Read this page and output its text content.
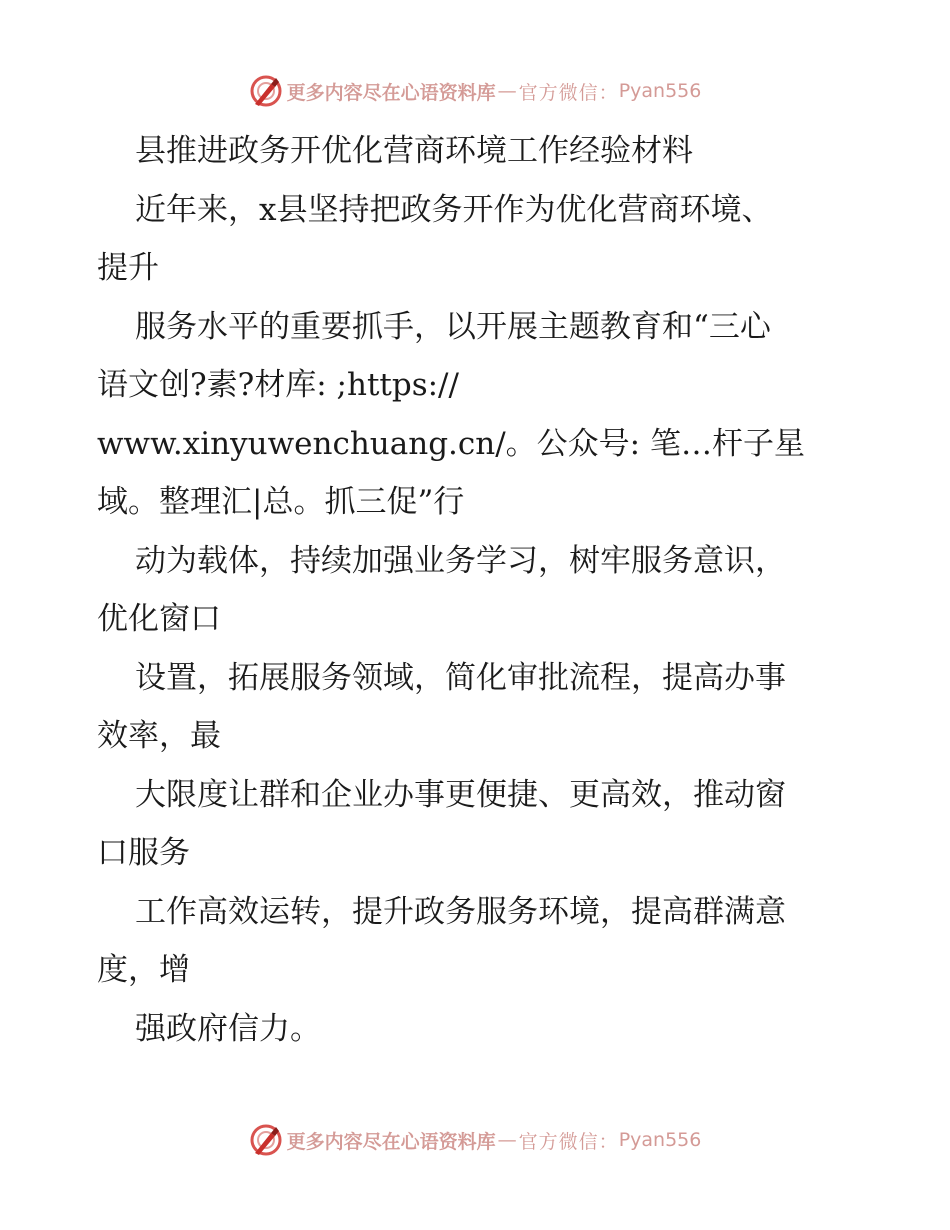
更多内容尽在心语资料库 — 官方微信： Pyan556
县推进政务开优化营商环境工作经验材料
近年来，x县坚持把政务开作为优化营商环境、
提升
服务水平的重要抓手，以开展主题教育和“三心
语文创?素?材库: ;https://
www.xinyuwenchuang.cn/。公众号: 笔…杆子星
域。整理汇|总。抓三促”行
动为载体，持续加强业务学习，树牢服务意识，
优化窗口
设置，拓展服务领域，简化审批流程，提高办事
效率，最
大限度让群和企业办事更便捷、更高效，推动窗
口服务
工作高效运转，提升政务服务环境，提高群满意
度，增
强政府信力。
更多内容尽在心语资料库 — 官方微信： Pyan556
